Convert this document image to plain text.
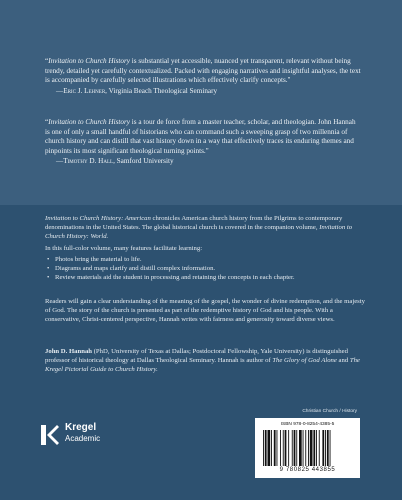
“Invitation to Church History is substantial yet accessible, nuanced yet transparent, relevant without being trendy, detailed yet carefully contextualized. Packed with engaging narratives and insightful analyses, the text is accompanied by carefully selected illustrations which effectively clarify concepts."
—Eric J. Lehner, Virginia Beach Theological Seminary
“Invitation to Church History is a tour de force from a master teacher, scholar, and theologian. John Hannah is one of only a small handful of historians who can command such a sweeping grasp of two millennia of church history and can distill that vast history down in a way that effectively traces its enduring themes and pinpoints its most significant theological turning points."
—Timothy D. Hall, Samford University
Invitation to Church History: American chronicles American church history from the Pilgrims to contemporary denominations in the United States. The global historical church is covered in the companion volume, Invitation to Church History: World.
In this full-color volume, many features facilitate learning:
• Photos bring the material to life.
• Diagrams and maps clarify and distill complex information.
• Review materials aid the student in processing and retaining the concepts in each chapter.
Readers will gain a clear understanding of the meaning of the gospel, the wonder of divine redemption, and the majesty of God. The story of the church is presented as part of the redemptive history of God and his people. With a conservative, Christ-centered perspective, Hannah writes with fairness and generosity toward diverse views.
John D. Hannah (PhD, University of Texas at Dallas; Postdoctoral Fellowship, Yale University) is distinguished professor of historical theology at Dallas Theological Seminary. Hannah is author of The Glory of God Alone and The Kregel Pictorial Guide to Church History.
Christian Church / History
Kregel
Academic
ISBN 978-0-8254-4385-5
9 780825 443855
